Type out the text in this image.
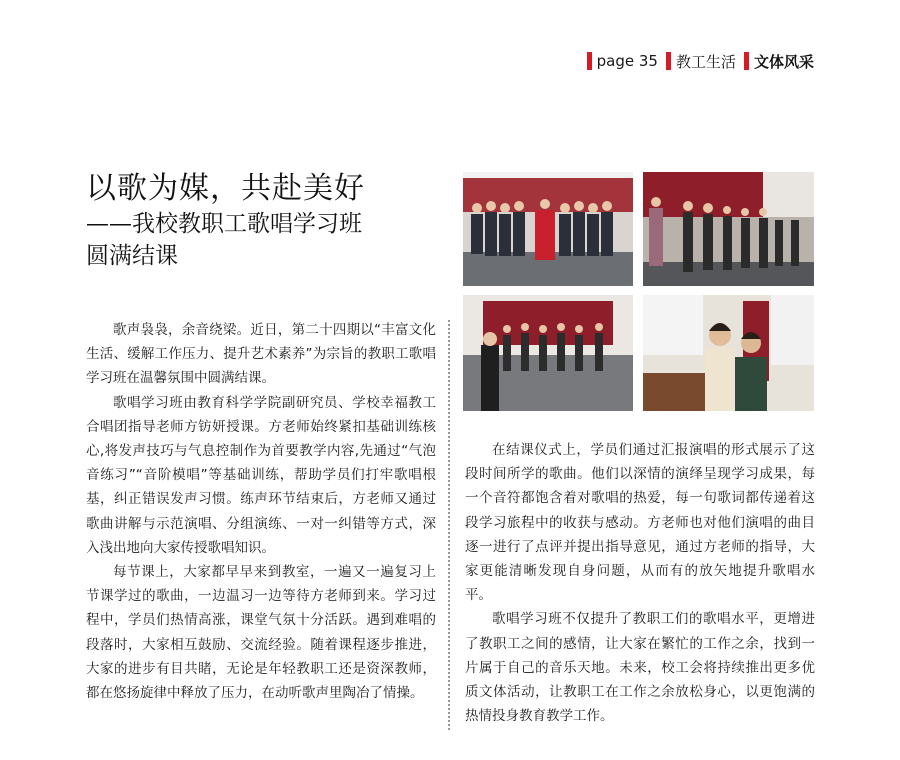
page 35 教工生活 文体风采
以歌为媒，共赴美好
——我校教职工歌唱学习班
圆满结课

歌声袅袅，余音绕梁。近日，第二十四期以“丰富文化生活、缓解工作压力、提升艺术素养”为宗旨的教职工歌唱学习班在温馨氛围中圆满结课。

歌唱学习班由教育科学学院副研究员、学校幸福教工合唱团指导老师方钫妍授课。方老师始终紧扣基础训练核心,将发声技巧与气息控制作为首要教学内容,先通过“气泡音练习”“音阶模唱”等基础训练，帮助学员们打牢歌唱根基，纠正错误发声习惯。练声环节结束后，方老师又通过歌曲讲解与示范演唱、分组演练、一对一纠错等方式，深入浅出地向大家传授歌唱知识。

每节课上，大家都早早来到教室，一遍又一遍复习上节课学过的歌曲，一边温习一边等待方老师到来。学习过程中，学员们热情高涨，课堂气氛十分活跃。遇到难唱的段落时，大家相互鼓励、交流经验。随着课程逐步推进，大家的进步有目共睹，无论是年轻教职工还是资深教师，都在悠扬旋律中释放了压力，在动听歌声里陶冶了情操。

在结课仪式上，学员们通过汇报演唱的形式展示了这段时间所学的歌曲。他们以深情的演绎呈现学习成果，每一个音符都饱含着对歌唱的热爱，每一句歌词都传递着这段学习旅程中的收获与感动。方老师也对他们演唱的曲目逐一进行了点评并提出指导意见，通过方老师的指导，大家更能清晰发现自身问题，从而有的放矢地提升歌唱水平。

歌唱学习班不仅提升了教职工们的歌唱水平，更增进了教职工之间的感情，让大家在繁忙的工作之余，找到一片属于自己的音乐天地。未来，校工会将持续推出更多优质文体活动，让教职工在工作之余放松身心，以更饱满的热情投身教育教学工作。
